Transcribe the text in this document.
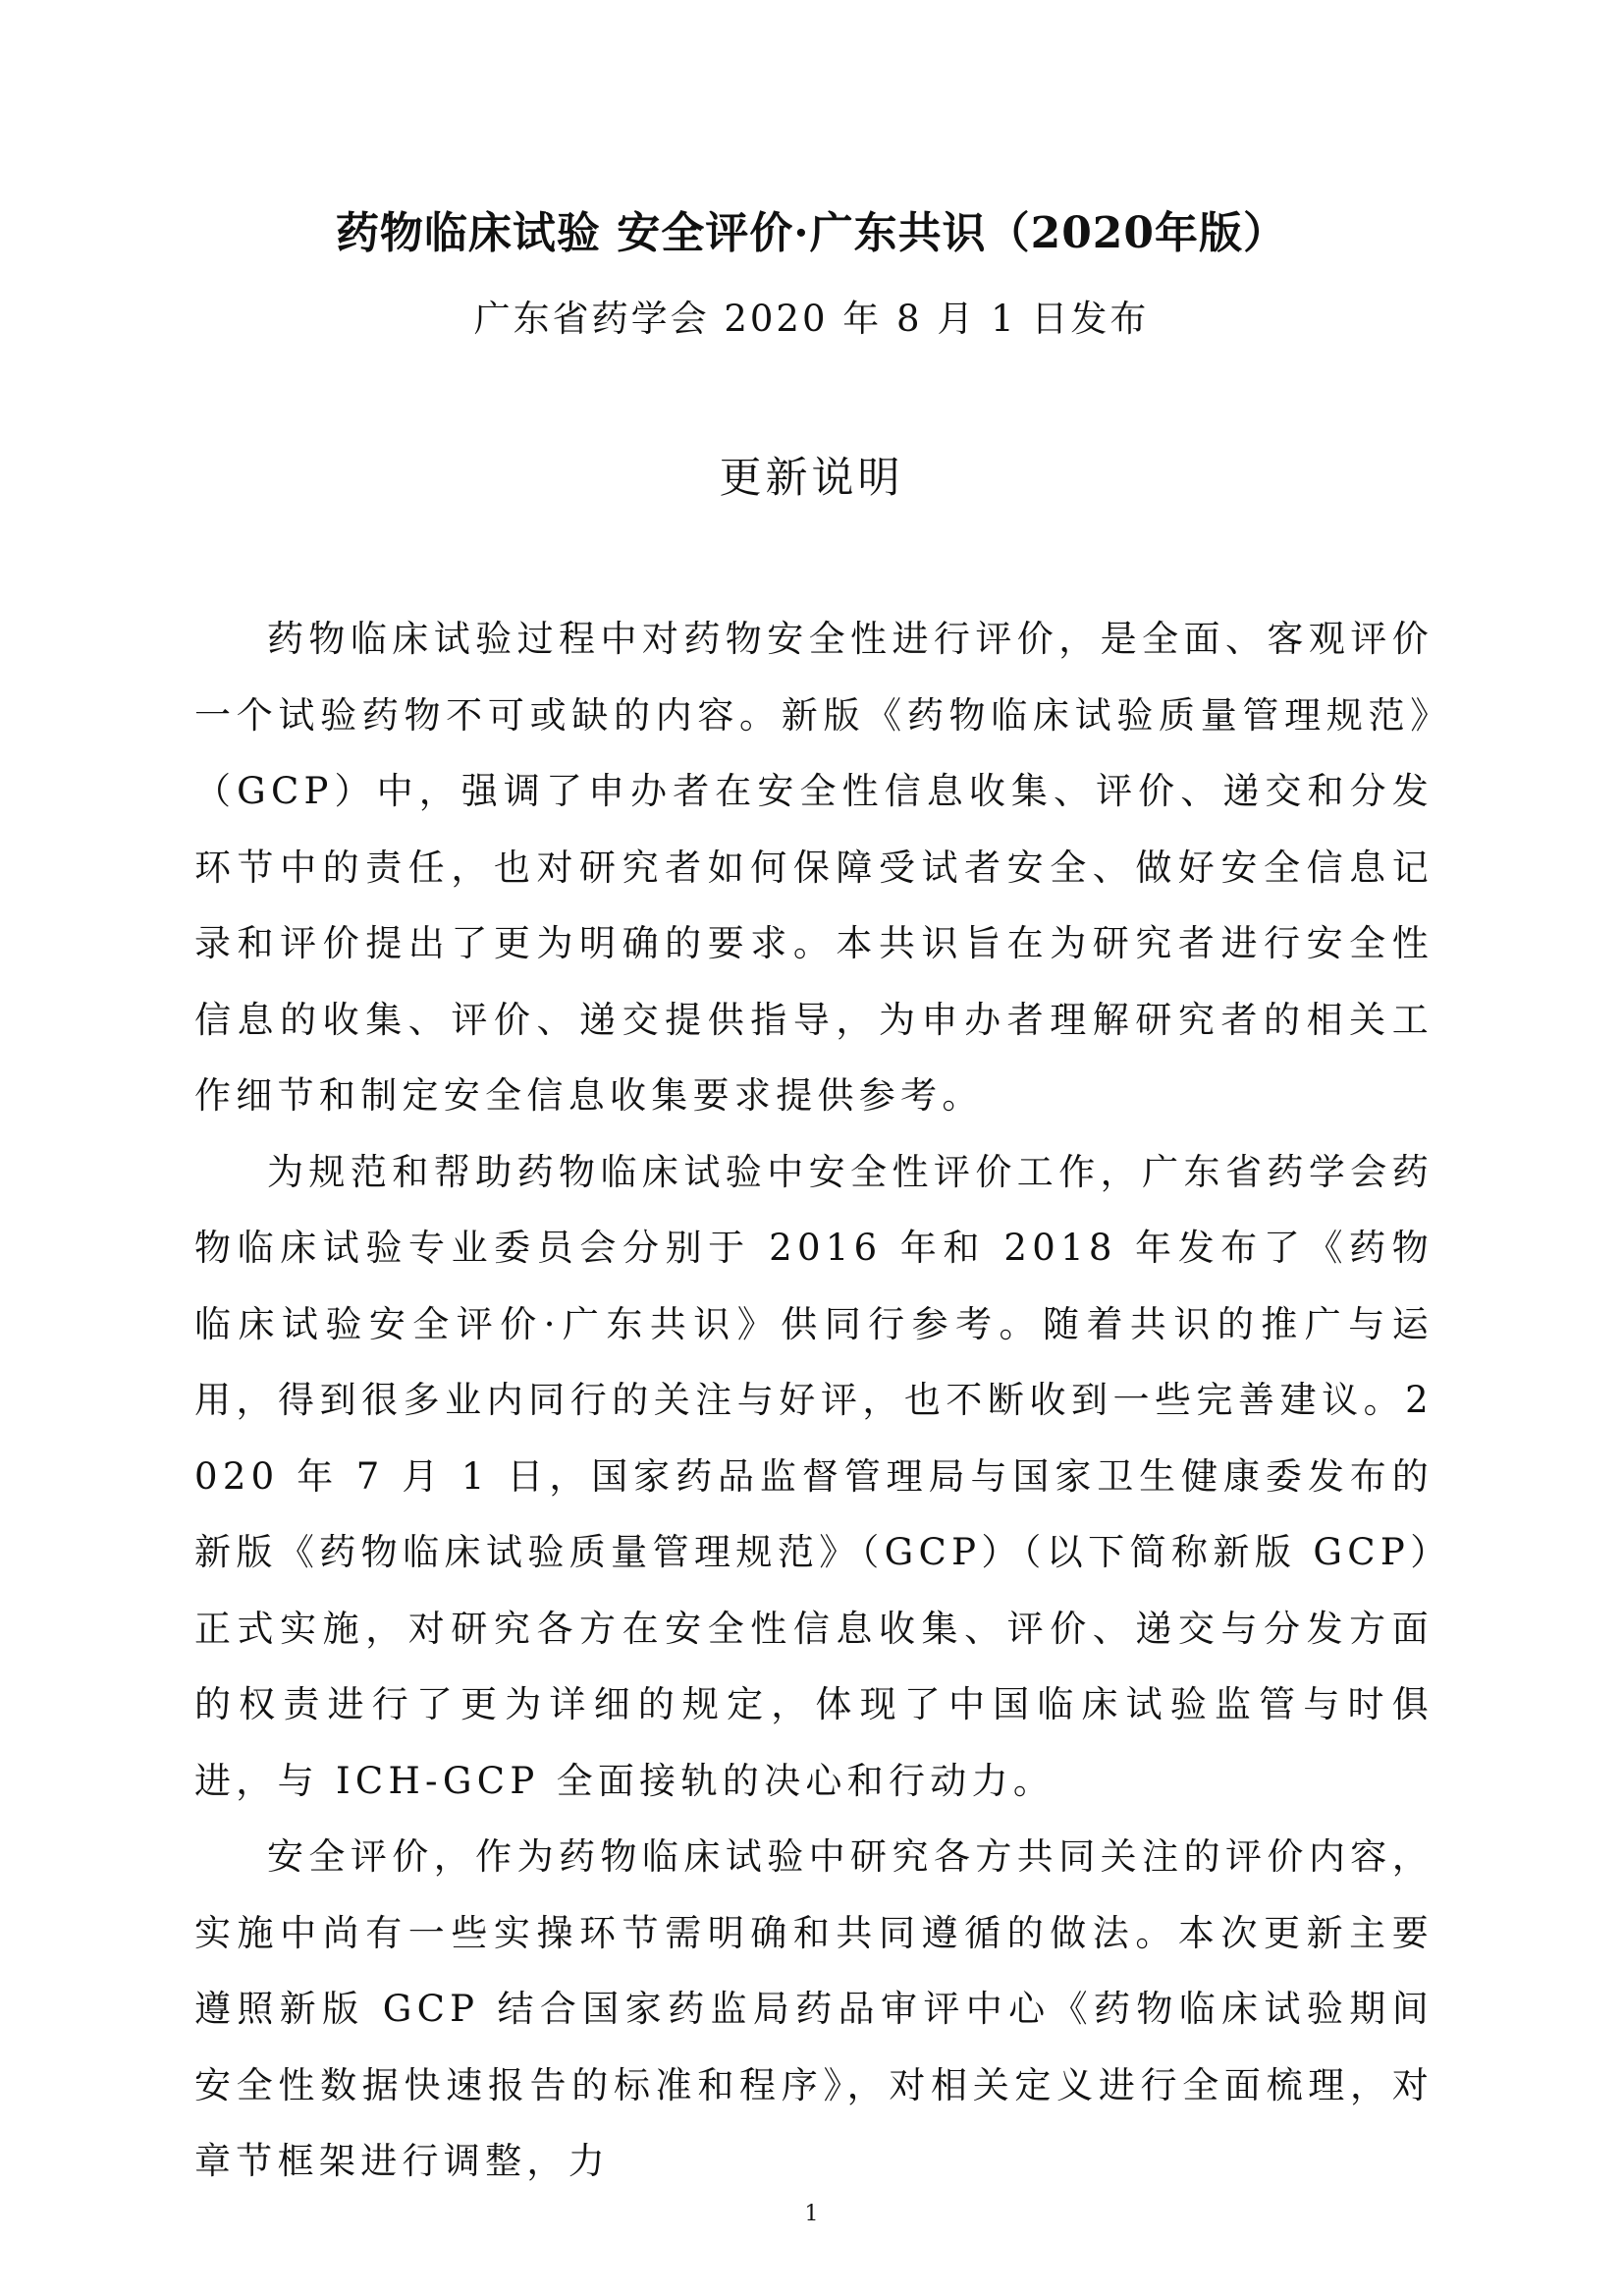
药物临床试验 安全评价·广东共识（2020年版）
广东省药学会 2020 年 8 月 1 日发布
更新说明

药物临床试验过程中对药物安全性进行评价，是全面、客观评价一个试验药物不可或缺的内容。新版《药物临床试验质量管理规范》（GCP）中，强调了申办者在安全性信息收集、评价、递交和分发环节中的责任，也对研究者如何保障受试者安全、做好安全信息记录和评价提出了更为明确的要求。本共识旨在为研究者进行安全性信息的收集、评价、递交提供指导，为申办者理解研究者的相关工作细节和制定安全信息收集要求提供参考。

为规范和帮助药物临床试验中安全性评价工作，广东省药学会药物临床试验专业委员会分别于 2016 年和 2018 年发布了《药物临床试验安全评价·广东共识》供同行参考。随着共识的推广与运用，得到很多业内同行的关注与好评，也不断收到一些完善建议。2020 年 7 月 1 日，国家药品监督管理局与国家卫生健康委发布的新版《药物临床试验质量管理规范》（GCP）（以下简称新版 GCP）正式实施，对研究各方在安全性信息收集、评价、递交与分发方面的权责进行了更为详细的规定，体现了中国临床试验监管与时俱进，与 ICH-GCP 全面接轨的决心和行动力。

安全评价，作为药物临床试验中研究各方共同关注的评价内容，实施中尚有一些实操环节需明确和共同遵循的做法。本次更新主要遵照新版 GCP 结合国家药监局药品审评中心《药物临床试验期间安全性数据快速报告的标准和程序》，对相关定义进行全面梳理，对章节框架进行调整，力

1
